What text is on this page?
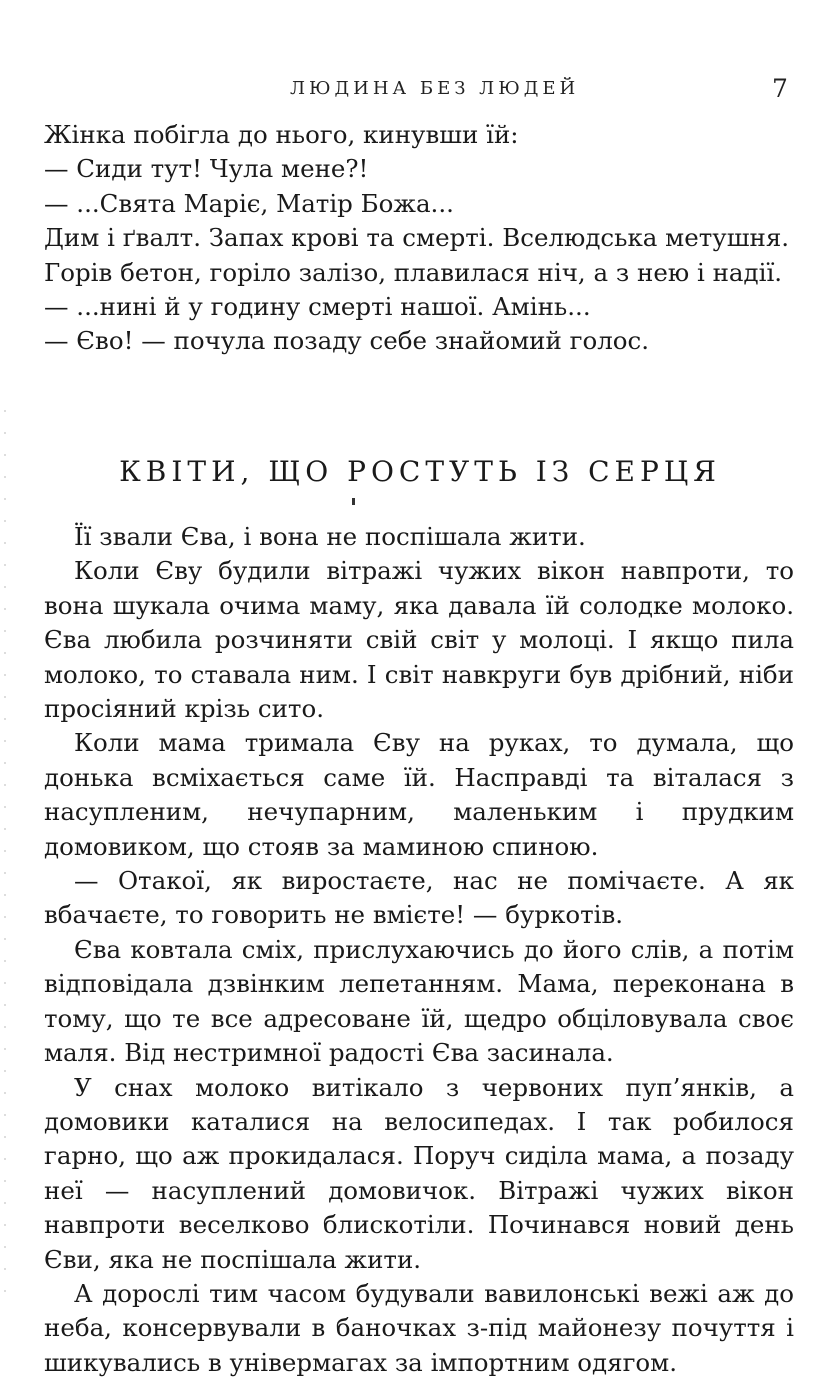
ЛЮДИНА БЕЗ ЛЮДЕЙ	7

Жінка побігла до нього, кинувши їй:

— Сиди тут! Чула мене?!

— ...Свята Маріє, Матір Божа...

Дим і ґвалт. Запах крові та смерті. Вселюдська метушня.

Горів бетон, горіло залізо, плавилася ніч, а з нею і надії.

— ...нині й у годину смерті нашої. Амінь...

— Єво! — почула позаду себе знайомий голос.

КВІТИ, ЩО РОСТУТЬ ІЗ СЕРЦЯ

Її звали Єва, і вона не поспішала жити.

Коли Єву будили вітражі чужих вікон навпроти, то вона шукала очима маму, яка давала їй солодке молоко. Єва любила розчиняти свій світ у молоці. І якщо пила молоко, то ставала ним. І світ навкруги був дрібний, ніби просіяний крізь сито.

Коли мама тримала Єву на руках, то думала, що донька всміхається саме їй. Насправді та віталася з насупленим, нечупарним, маленьким і прудким домовиком, що стояв за маминою спиною.

— Отакої, як виростаєте, нас не помічаєте. А як вбачаєте, то говорить не вмієте! — буркотів.

Єва ковтала сміх, прислухаючись до його слів, а потім відповідала дзвінким лепетанням. Мама, переконана в тому, що те все адресоване їй, щедро обціловувала своє маля. Від нестримної радості Єва засинала.

У снах молоко витікало з червоних пуп’янків, а домовики каталися на велосипедах. І так робилося гарно, що аж прокидалася. Поруч сиділа мама, а позаду неї — насуплений домовичок. Вітражі чужих вікон навпроти веселково блискотіли. Починався новий день Єви, яка не поспішала жити.

А дорослі тим часом будували вавилонські вежі аж до неба, консервували в баночках з-під майонезу почуття і шикувались в універмагах за імпортним одягом.
